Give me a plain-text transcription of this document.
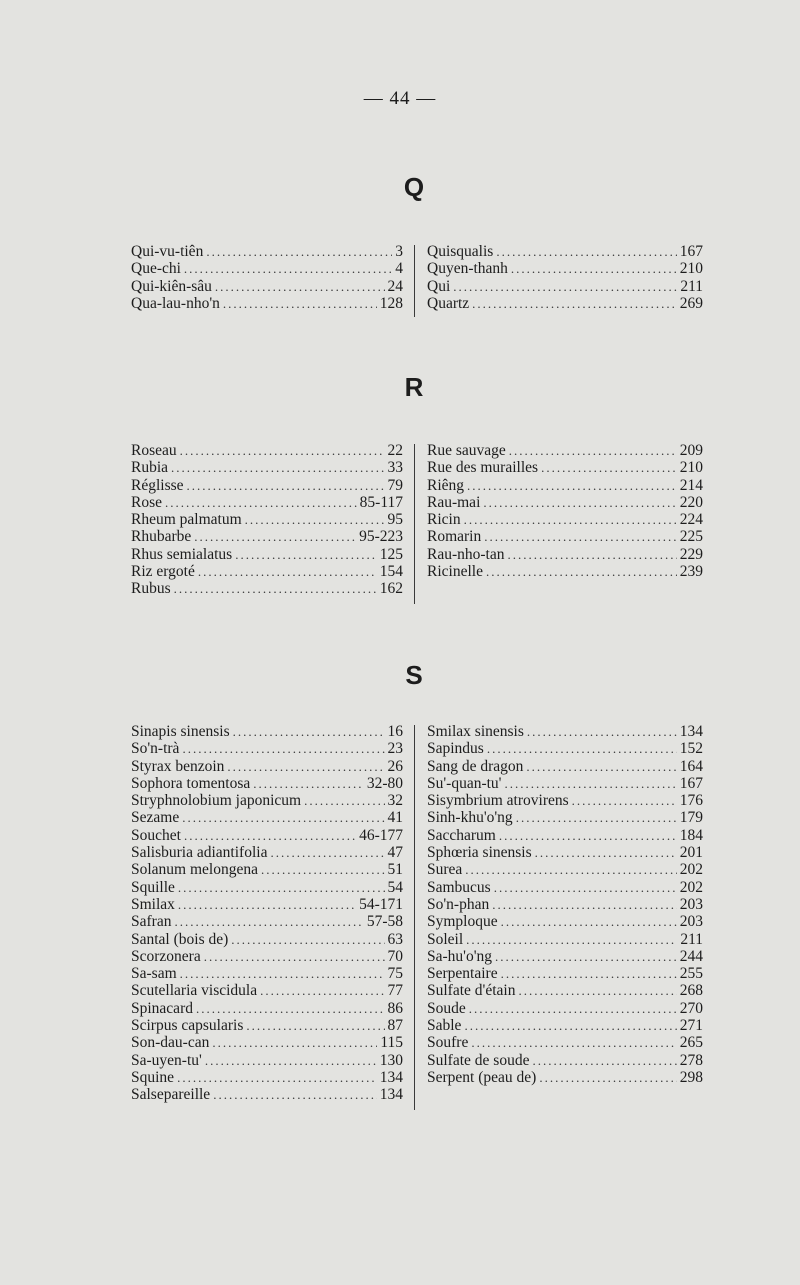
— 44 —
Q
Qui-vu-tiên .....	3
Que-chi .....	4
Qui-kiên-sâu .....	24
Qua-lau-nho'n .....	128
Quisqualis .....	167
Quyen-thanh .....	210
Qui .....	211
Quartz .....	269
R
Roseau .....	22
Rubia .....	33
Réglisse .....	79
Rose .....	85-117
Rheum palmatum .....	95
Rhubarbe .....	95-223
Rhus semialatus .....	125
Riz ergoté .....	154
Rubus .....	162
Rue sauvage .....	209
Rue des murailles .....	210
Riêng .....	214
Rau-mai .....	220
Ricin .....	224
Romarin .....	225
Rau-nho-tan .....	229
Ricinelle .....	239
S
Sinapis sinensis .....	16
So'n-trà .....	23
Styrax benzoin .....	26
Sophora tomentosa .....	32-80
Stryphnolobium japonicum .....	32
Sezame .....	41
Souchet .....	46-177
Salisburia adiantifolia .....	47
Solanum melongena .....	51
Squille .....	54
Smilax .....	54-171
Safran .....	57-58
Santal (bois de) .....	63
Scorzonera .....	70
Sa-sam .....	75
Scutellaria viscidula .....	77
Spinacard .....	86
Scirpus capsularis .....	87
Son-dau-can .....	115
Sa-uyen-tu' .....	130
Squine .....	134
Salsepareille .....	134
Smilax sinensis .....	134
Sapindus .....	152
Sang de dragon .....	164
Su'-quan-tu' .....	167
Sisymbrium atrovirens .....	176
Sinh-khu'o'ng .....	179
Saccharum .....	184
Sphœria sinensis .....	201
Surea .....	202
Sambucus .....	202
So'n-phan .....	203
Symploque .....	203
Soleil .....	211
Sa-hu'o'ng .....	244
Serpentaire .....	255
Sulfate d'étain .....	268
Soude .....	270
Sable .....	271
Soufre .....	265
Sulfate de soude .....	278
Serpent (peau de) .....	298
